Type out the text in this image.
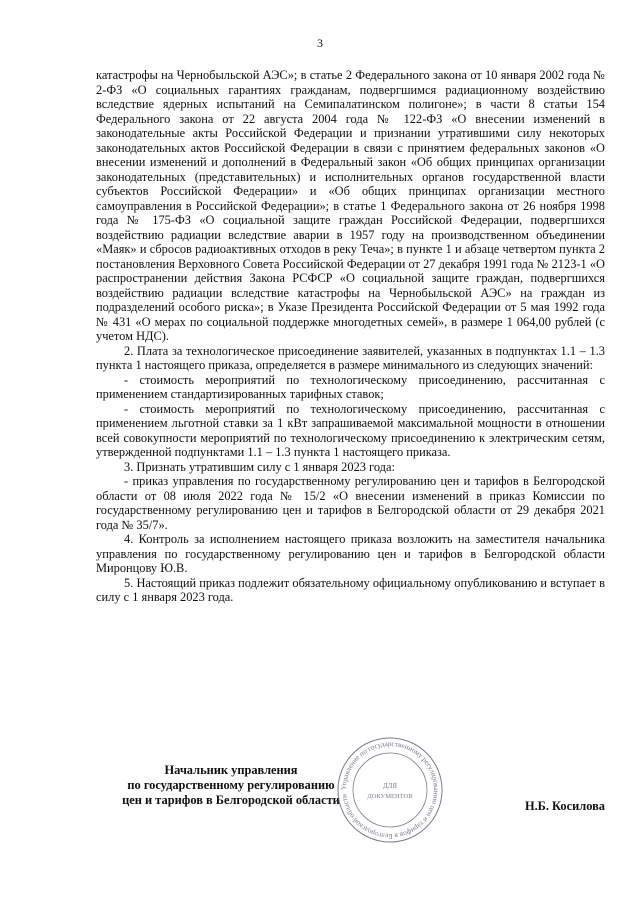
3

катастрофы на Чернобыльской АЭС»; в статье 2 Федерального закона от 10 января 2002 года № 2-ФЗ «О социальных гарантиях гражданам, подвергшимся радиационному воздействию вследствие ядерных испытаний на Семипалатинском полигоне»; в части 8 статьи 154 Федерального закона от 22 августа 2004 года № 122-ФЗ «О внесении изменений в законодательные акты Российской Федерации и признании утратившими силу некоторых законодательных актов Российской Федерации в связи с принятием федеральных законов «О внесении изменений и дополнений в Федеральный закон «Об общих принципах организации законодательных (представительных) и исполнительных органов государственной власти субъектов Российской Федерации» и «Об общих принципах организации местного самоуправления в Российской Федерации»; в статье 1 Федерального закона от 26 ноября 1998 года № 175-ФЗ «О социальной защите граждан Российской Федерации, подвергшихся воздействию радиации вследствие аварии в 1957 году на производственном объединении «Маяк» и сбросов радиоактивных отходов в реку Теча»; в пункте 1 и абзаце четвертом пункта 2 постановления Верховного Совета Российской Федерации от 27 декабря 1991 года № 2123-1 «О распространении действия Закона РСФСР «О социальной защите граждан, подвергшихся воздействию радиации вследствие катастрофы на Чернобыльской АЭС» на граждан из подразделений особого риска»; в Указе Президента Российской Федерации от 5 мая 1992 года № 431 «О мерах по социальной поддержке многодетных семей», в размере 1 064,00 рублей (с учетом НДС).

2. Плата за технологическое присоединение заявителей, указанных в подпунктах 1.1 – 1.3 пункта 1 настоящего приказа, определяется в размере минимального из следующих значений:

- стоимость мероприятий по технологическому присоединению, рассчитанная с применением стандартизированных тарифных ставок;
- стоимость мероприятий по технологическому присоединению, рассчитанная с применением льготной ставки за 1 кВт запрашиваемой максимальной мощности в отношении всей совокупности мероприятий по технологическому присоединению к электрическим сетям, утвержденной подпунктами 1.1 – 1.3 пункта 1 настоящего приказа.

3. Признать утратившим силу с 1 января 2023 года:

- приказ управления по государственному регулированию цен и тарифов в Белгородской области от 08 июля 2022 года № 15/2 «О внесении изменений в приказ Комиссии по государственному регулированию цен и тарифов в Белгородской области от 29 декабря 2021 года № 35/7».

4. Контроль за исполнением настоящего приказа возложить на заместителя начальника управления по государственному регулированию цен и тарифов в Белгородской области Миронцову Ю.В.

5. Настоящий приказ подлежит обязательному официальному опубликованию и вступает в силу с 1 января 2023 года.

Начальник управления
по государственному регулированию
цен и тарифов в Белгородской области	Н.Б. Косилова
Управление по государственному регулированию цен и тарифов в Белгородской области
ДЛЯ
ДОКУМЕНТОВ
